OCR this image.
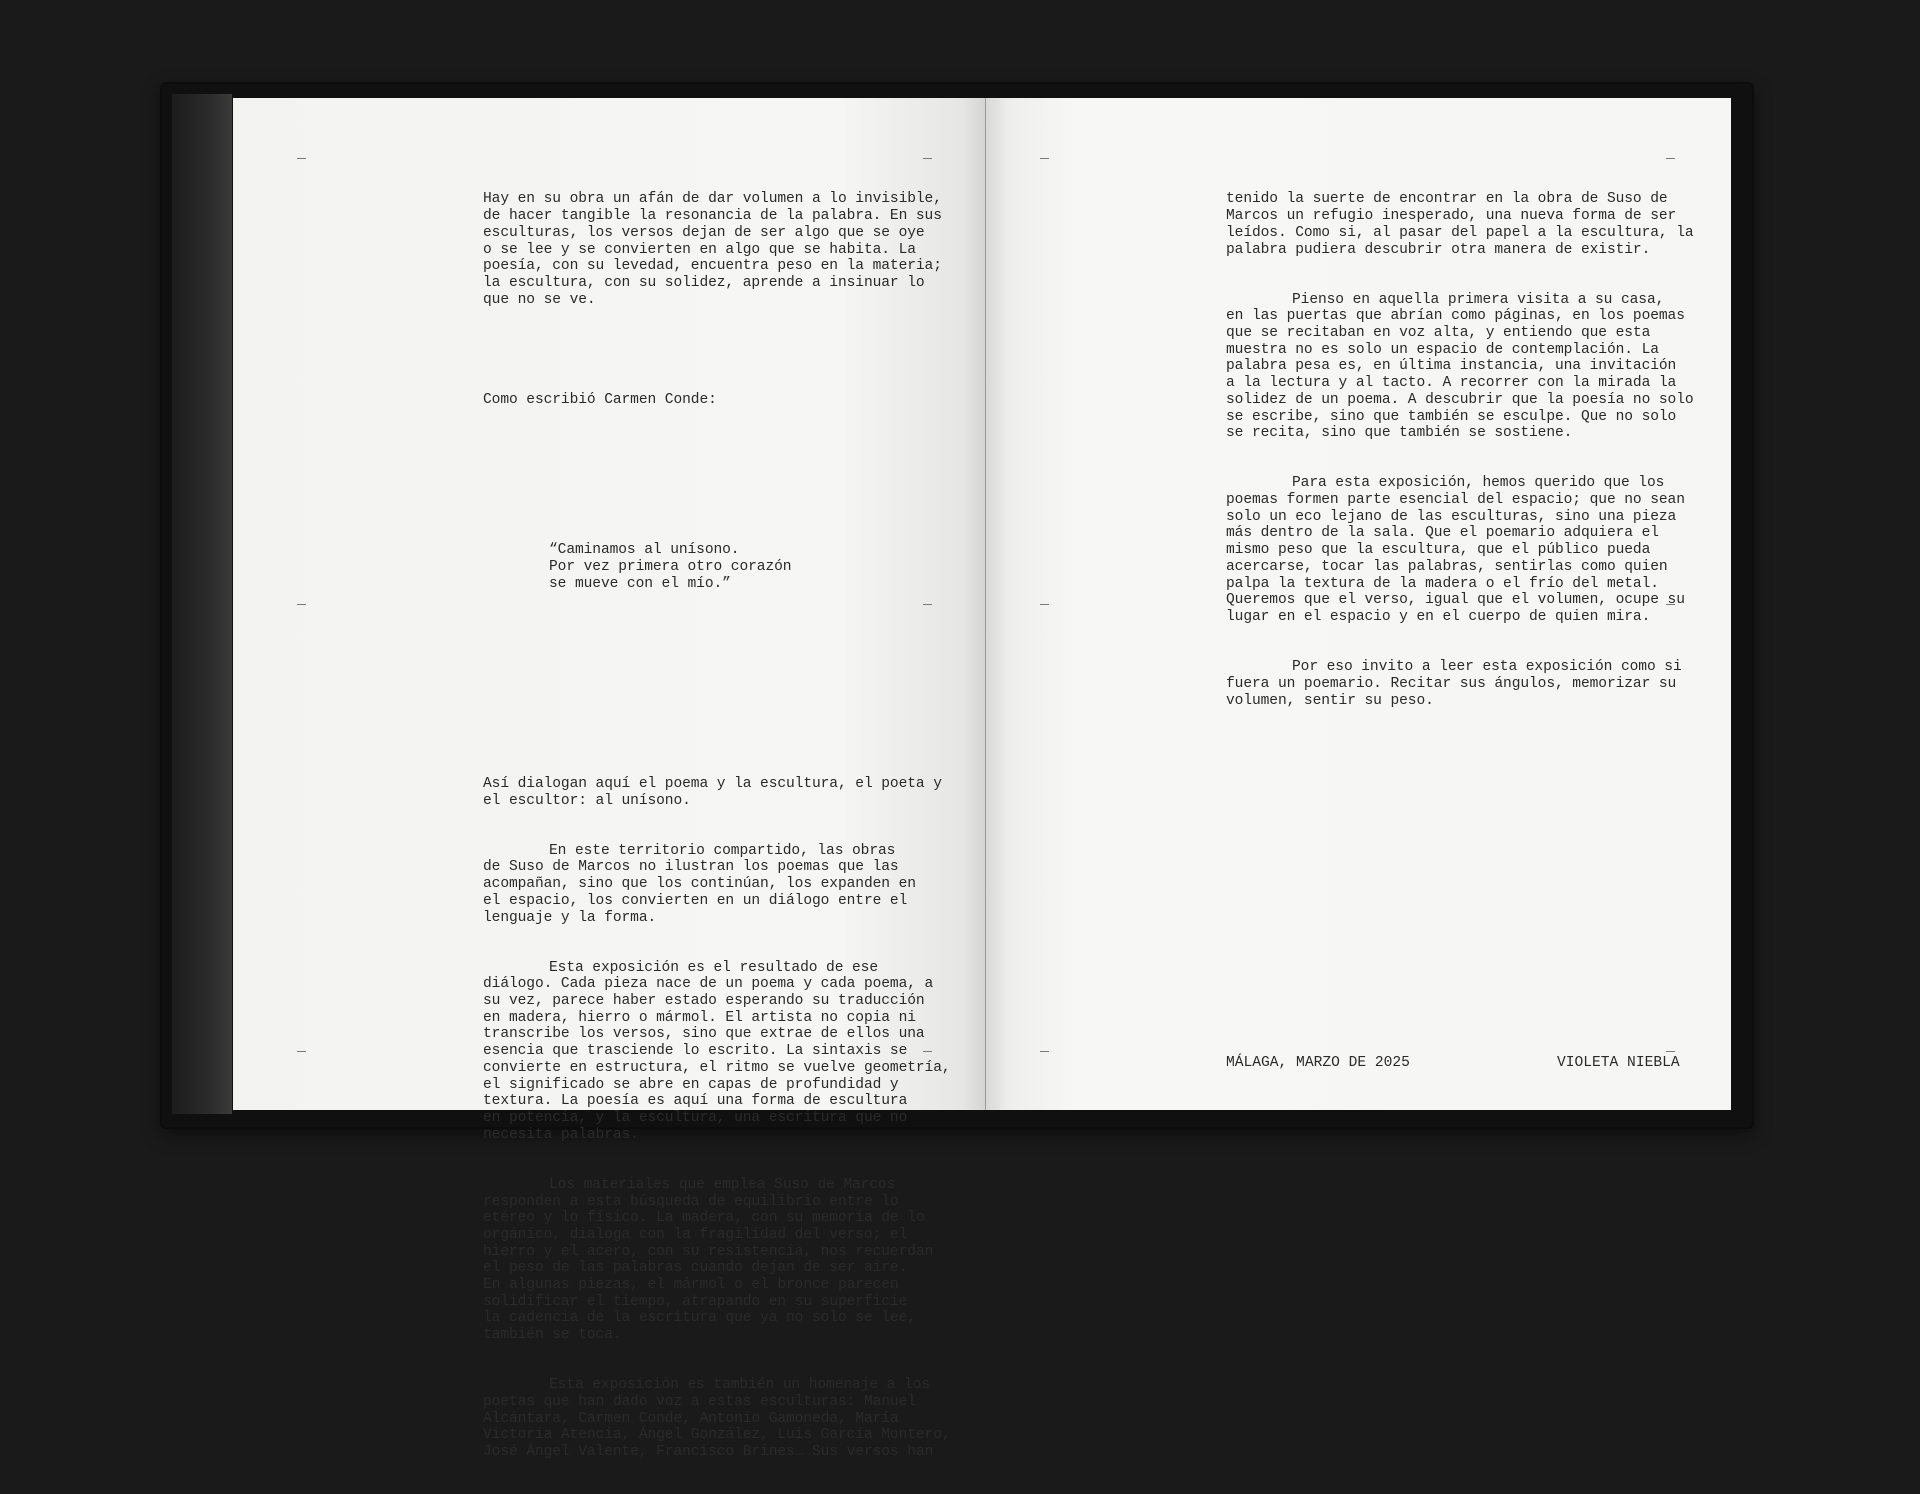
Hay en su obra un afán de dar volumen a lo invisible,

de hacer tangible la resonancia de la palabra. En sus

esculturas, los versos dejan de ser algo que se oye

o se lee y se convierten en algo que se habita. La

poesía, con su levedad, encuentra peso en la materia;

la escultura, con su solidez, aprende a insinuar lo

que no se ve.

Como escribió Carmen Conde:

“Caminamos al unísono.

Por vez primera otro corazón

se mueve con el mío.”

Así dialogan aquí el poema y la escultura, el poeta y

el escultor: al unísono.

En este territorio compartido, las obras

de Suso de Marcos no ilustran los poemas que las

acompañan, sino que los continúan, los expanden en

el espacio, los convierten en un diálogo entre el

lenguaje y la forma.

Esta exposición es el resultado de ese

diálogo. Cada pieza nace de un poema y cada poema, a

su vez, parece haber estado esperando su traducción

en madera, hierro o mármol. El artista no copia ni

transcribe los versos, sino que extrae de ellos una

esencia que trasciende lo escrito. La sintaxis se

convierte en estructura, el ritmo se vuelve geometría,

el significado se abre en capas de profundidad y

textura. La poesía es aquí una forma de escultura

en potencia, y la escultura, una escritura que no

necesita palabras.

Los materiales que emplea Suso de Marcos

responden a esta búsqueda de equilibrio entre lo

etéreo y lo físico. La madera, con su memoria de lo

orgánico, dialoga con la fragilidad del verso; el

hierro y el acero, con su resistencia, nos recuerdan

el peso de las palabras cuando dejan de ser aire.

En algunas piezas, el mármol o el bronce parecen

solidificar el tiempo, atrapando en su superficie

la cadencia de la escritura que ya no solo se lee,

también se toca.

Esta exposición es también un homenaje a los

poetas que han dado voz a estas esculturas: Manuel

Alcántara, Carmen Conde, Antonio Gamoneda, María

Victoria Atencia, Ángel González, Luis García Montero,

José Ángel Valente, Francisco Brines… Sus versos han

tenido la suerte de encontrar en la obra de Suso de

Marcos un refugio inesperado, una nueva forma de ser

leídos. Como si, al pasar del papel a la escultura, la

palabra pudiera descubrir otra manera de existir.

Pienso en aquella primera visita a su casa,

en las puertas que abrían como páginas, en los poemas

que se recitaban en voz alta, y entiendo que esta

muestra no es solo un espacio de contemplación. La

palabra pesa es, en última instancia, una invitación

a la lectura y al tacto. A recorrer con la mirada la

solidez de un poema. A descubrir que la poesía no solo

se escribe, sino que también se esculpe. Que no solo

se recita, sino que también se sostiene.

Para esta exposición, hemos querido que los

poemas formen parte esencial del espacio; que no sean

solo un eco lejano de las esculturas, sino una pieza

más dentro de la sala. Que el poemario adquiera el

mismo peso que la escultura, que el público pueda

acercarse, tocar las palabras, sentirlas como quien

palpa la textura de la madera o el frío del metal.

Queremos que el verso, igual que el volumen, ocupe su

lugar en el espacio y en el cuerpo de quien mira.

Por eso invito a leer esta exposición como si

fuera un poemario. Recitar sus ángulos, memorizar su

volumen, sentir su peso.

MÁLAGA, MARZO DE 2025	VIOLETA NIEBLA
